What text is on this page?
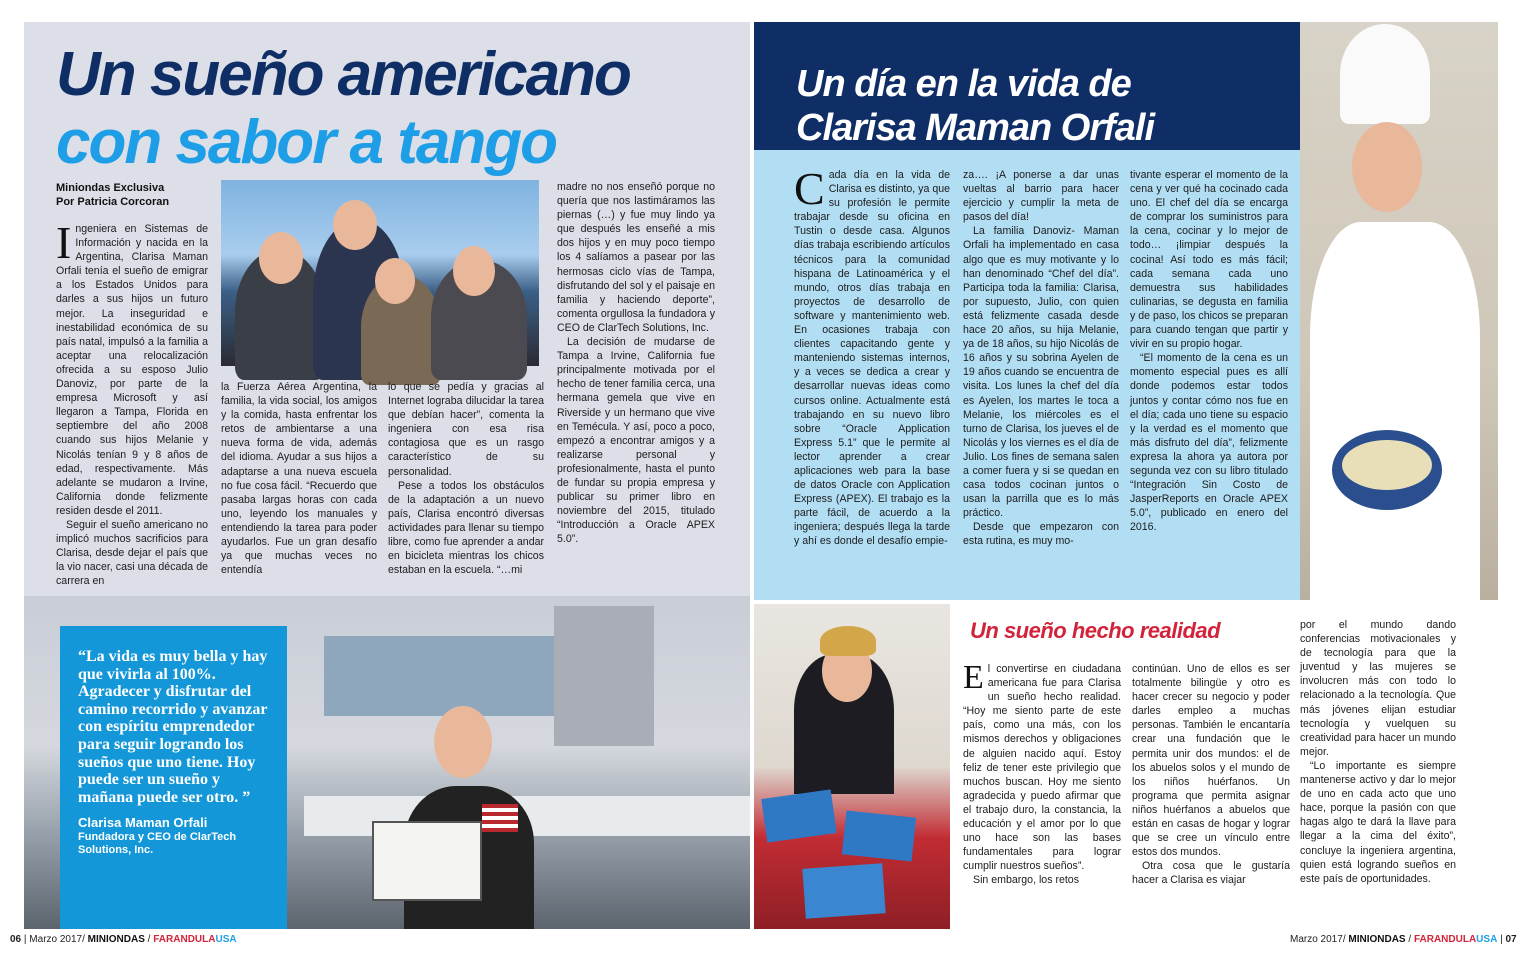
Un sueño americano
con sabor a tango
Miniondas Exclusiva
Por Patricia Corcoran

Ingeniera en Sistemas de Información y nacida en la Argentina, Clarisa Maman Orfali tenía el sueño de emigrar a los Estados Unidos para darles a sus hijos un futuro mejor. La inseguridad e inestabilidad económica de su país natal, impulsó a la familia a aceptar una relocalización ofrecida a su esposo Julio Danoviz, por parte de la empresa Microsoft y así llegaron a Tampa, Florida en septiembre del año 2008 cuando sus hijos Melanie y Nicolás tenían 9 y 8 años de edad, respectivamente. Más adelante se mudaron a Irvine, California donde felizmente residen desde el 2011.

Seguir el sueño americano no implicó muchos sacrificios para Clarisa, desde dejar el país que la vio nacer, casi una década de carrera en

la Fuerza Aérea Argentina, la familia, la vida social, los amigos y la comida, hasta enfrentar los retos de ambientarse a una nueva forma de vida, además del idioma. Ayudar a sus hijos a adaptarse a una nueva escuela no fue cosa fácil. “Recuerdo que pasaba largas horas con cada uno, leyendo los manuales y entendiendo la tarea para poder ayudarlos. Fue un gran desafío ya que muchas veces no entendía

lo que se pedía y gracias al Internet lograba dilucidar la tarea que debían hacer”, comenta la ingeniera con esa risa contagiosa que es un rasgo característico de su personalidad.

Pese a todos los obstáculos de la adaptación a un nuevo país, Clarisa encontró diversas actividades para llenar su tiempo libre, como fue aprender a andar en bicicleta mientras los chicos estaban en la escuela. “…mi

madre no nos enseñó porque no quería que nos lastimáramos las piernas (…) y fue muy lindo ya que después les enseñé a mis dos hijos y en muy poco tiempo los 4 salíamos a pasear por las hermosas ciclo vías de Tampa, disfrutando del sol y el paisaje en familia y haciendo deporte”, comenta orgullosa la fundadora y CEO de ClarTech Solutions, Inc.

La decisión de mudarse de Tampa a Irvine, California fue principalmente motivada por el hecho de tener familia cerca, una hermana gemela que vive en Riverside y un hermano que vive en Temécula. Y así, poco a poco, empezó a encontrar amigos y a realizarse personal y profesionalmente, hasta el punto de fundar su propia empresa y publicar su primer libro en noviembre del 2015, titulado “Introducción a Oracle APEX 5.0”.

“La vida es muy bella y hay que vivirla al 100%. Agradecer y disfrutar del camino recorrido y avanzar con espíritu emprendedor para seguir logrando los sueños que uno tiene. Hoy puede ser un sueño y mañana puede ser otro. ”
Clarisa Maman Orfali
Fundadora y CEO de ClarTech Solutions, Inc.
Un día en la vida de
Clarisa Maman Orfali

Cada día en la vida de Clarisa es distinto, ya que su profesión le permite trabajar desde su oficina en Tustin o desde casa. Algunos días trabaja escribiendo artículos técnicos para la comunidad hispana de Latinoamérica y el mundo, otros días trabaja en proyectos de desarrollo de software y mantenimiento web. En ocasiones trabaja con clientes capacitando gente y manteniendo sistemas internos, y a veces se dedica a crear y desarrollar nuevas ideas como cursos online. Actualmente está trabajando en su nuevo libro sobre “Oracle Application Express 5.1” que le permite al lector aprender a crear aplicaciones web para la base de datos Oracle con Application Express (APEX). El trabajo es la parte fácil, de acuerdo a la ingeniera; después llega la tarde y ahí es donde el desafío empie-

za…. ¡A ponerse a dar unas vueltas al barrio para hacer ejercicio y cumplir la meta de pasos del día!

La familia Danoviz- Maman Orfali ha implementado en casa algo que es muy motivante y lo han denominado “Chef del día”. Participa toda la familia: Clarisa, por supuesto, Julio, con quien está felizmente casada desde hace 20 años, su hija Melanie, ya de 18 años, su hijo Nicolás de 16 años y su sobrina Ayelen de 19 años cuando se encuentra de visita. Los lunes la chef del día es Ayelen, los martes le toca a Melanie, los miércoles es el turno de Clarisa, los jueves el de Nicolás y los viernes es el día de Julio. Los fines de semana salen a comer fuera y si se quedan en casa todos cocinan juntos o usan la parrilla que es lo más práctico.

Desde que empezaron con esta rutina, es muy mo-

tivante esperar el momento de la cena y ver qué ha cocinado cada uno. El chef del día se encarga de comprar los suministros para la cena, cocinar y lo mejor de todo… ¡limpiar después la cocina! Así todo es más fácil; cada semana cada uno demuestra sus habilidades culinarias, se degusta en familia y de paso, los chicos se preparan para cuando tengan que partir y vivir en su propio hogar.

“El momento de la cena es un momento especial pues es allí donde podemos estar todos juntos y contar cómo nos fue en el día; cada uno tiene su espacio y la verdad es el momento que más disfruto del día”, felizmente expresa la ahora ya autora por segunda vez con su libro titulado “Integración Sin Costo de JasperReports en Oracle APEX 5.0”, publicado en enero del 2016.

Un sueño hecho realidad

El convertirse en ciudadana americana fue para Clarisa un sueño hecho realidad. “Hoy me siento parte de este país, como una más, con los mismos derechos y obligaciones de alguien nacido aquí. Estoy feliz de tener este privilegio que muchos buscan. Hoy me siento agradecida y puedo afirmar que el trabajo duro, la constancia, la educación y el amor por lo que uno hace son las bases fundamentales para lograr cumplir nuestros sueños”.

Sin embargo, los retos

continúan. Uno de ellos es ser totalmente bilingüe y otro es hacer crecer su negocio y poder darles empleo a muchas personas. También le encantaría crear una fundación que le permita unir dos mundos: el de los abuelos solos y el mundo de los niños huérfanos. Un programa que permita asignar niños huérfanos a abuelos que están en casas de hogar y lograr que se cree un vínculo entre estos dos mundos.

Otra cosa que le gustaría hacer a Clarisa es viajar

por el mundo dando conferencias motivacionales y de tecnología para que la juventud y las mujeres se involucren más con todo lo relacionado a la tecnología. Que más jóvenes elijan estudiar tecnología y vuelquen su creatividad para hacer un mundo mejor.

“Lo importante es siempre mantenerse activo y dar lo mejor de uno en cada acto que uno hace, porque la pasión con que hagas algo te dará la llave para llegar a la cima del éxito”, concluye la ingeniera argentina, quien está logrando sueños en este país de oportunidades.

06 | Marzo 2017/ MINIONDAS / FARANDULAUSA	Marzo 2017/ MINIONDAS / FARANDULAUSA | 07
